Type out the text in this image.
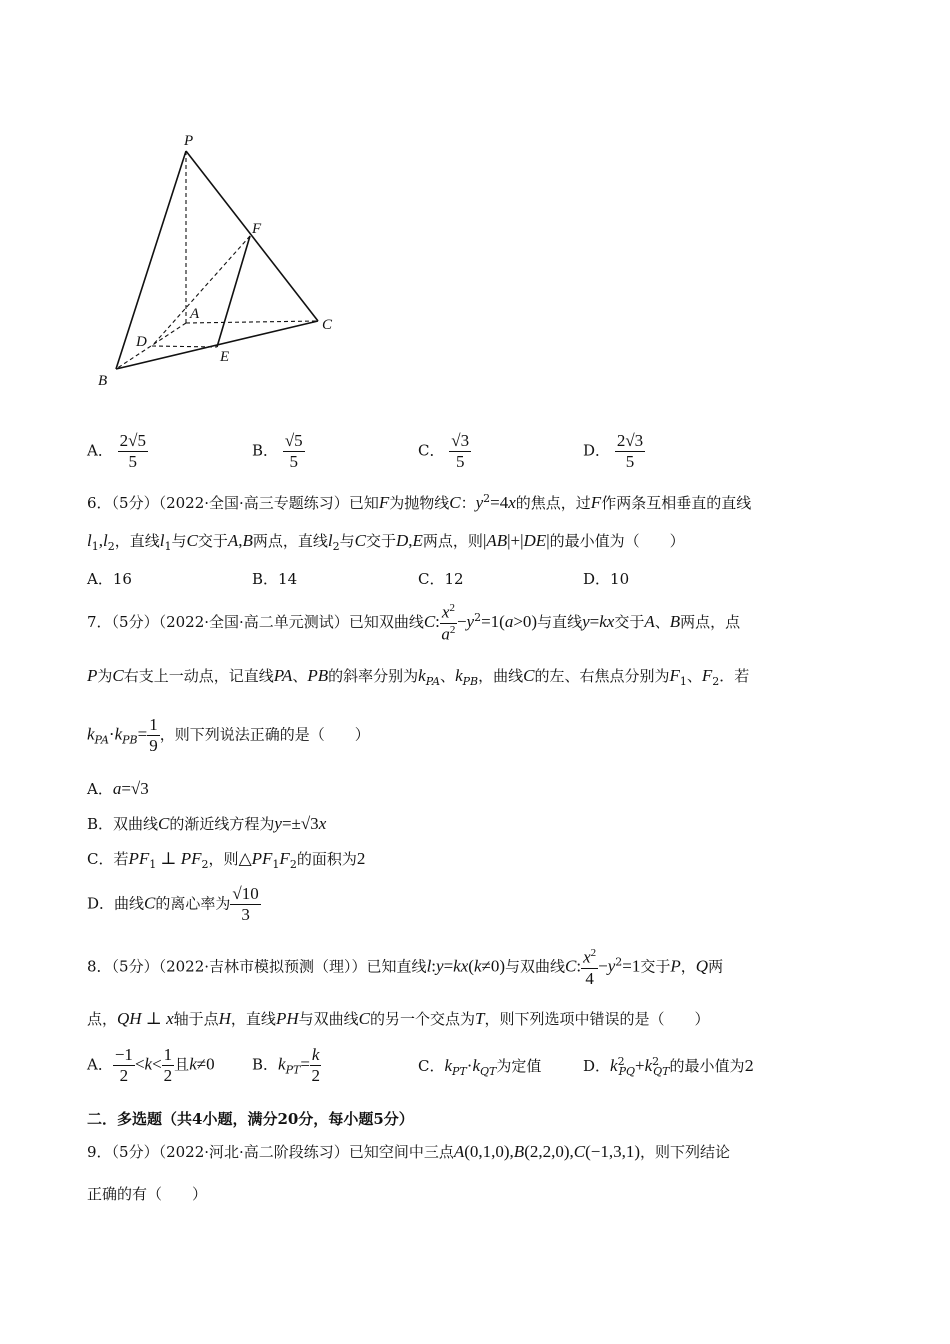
P
F
A
C
D
E
B
A． $\frac{2√5}{5}$	B． $\frac{√5}{5}$	C． $\frac{√3}{5}$	D． $\frac{2√3}{5}$
6．（5分）（2022·全国·高三专题练习）已知F为抛物线C：$y^2=4x$的焦点，过F作两条互相垂直的直线
$l_1,l_2$，直线$l_1$与C交于A,B两点，直线$l_2$与C交于D,E两点，则|AB|+|DE|的最小值为（　　）
A．16	B．14	C．12	D．10
7．（5分）（2022·全国·高二单元测试）已知双曲线C: $\frac{x^2}{a^2} -y^2=1(a>0)$与直线y=kx交于A、B两点，点
P为C右支上一动点，记直线PA、PB的斜率分别为$k_{PA}$、$k_{PB}$，曲线C的左、右焦点分别为$F_1$、$F_2$．若
$k_{PA}\cdot k_{PB}= \frac{1}{9}$ ，则下列说法正确的是（　　）
A．a=√3
B．双曲线C的渐近线方程为y=±√3x
C．若$PF_1$ ⊥ $PF_2$，则$\triangle PF_1F_2$的面积为2
D．曲线C的离心率为 $\frac{√10}{3}$
8．（5分）（2022·吉林市模拟预测（理））已知直线l:y=kx(k≠0)与双曲线C: $\frac{x^2}{4} -y^2=1$交于P，Q两
点，QH ⊥ x轴于点H，直线PH与双曲线C的另一个交点为T，则下列选项中错误的是（　　）
A． $\frac{-1}{2} <k< \frac{1}{2}$ 且k≠0 B．$k_{PT}= \frac{k}{2}$	C．$k_{PT}\cdot k_{QT}$为定值	D．$k^2_{PQ}+k^2_{QT}$的最小值为2
二．多选题（共4小题，满分20分，每小题5分）
9．（5分）（2022·河北·高二阶段练习）已知空间中三点A(0,1,0),B(2,2,0),C(−1,3,1)，则下列结论
正确的有（　　）
